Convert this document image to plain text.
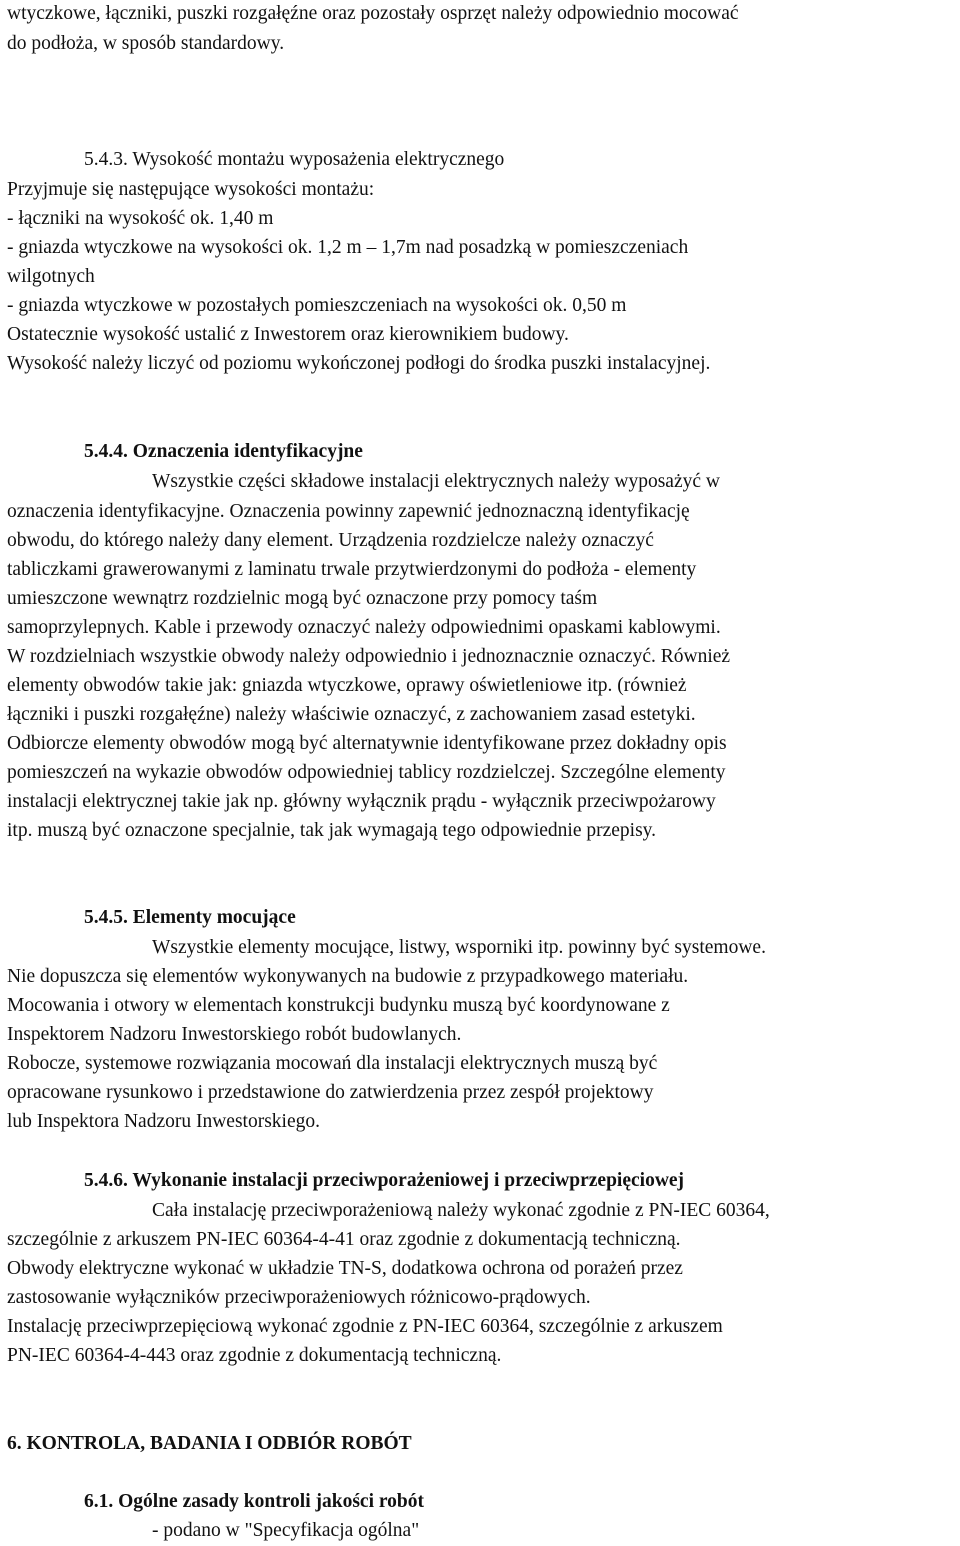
wtyczkowe, łączniki, puszki rozgałęźne oraz pozostały osprzęt należy odpowiednio mocować
do podłoża, w sposób standardowy.
5.4.3. Wysokość montażu wyposażenia elektrycznego
Przyjmuje się następujące wysokości montażu:
- łączniki na wysokość ok. 1,40 m
- gniazda wtyczkowe na wysokości ok. 1,2 m – 1,7m nad posadzką w pomieszczeniach
wilgotnych
- gniazda wtyczkowe w pozostałych pomieszczeniach na wysokości ok. 0,50 m
Ostatecznie wysokość ustalić z Inwestorem oraz kierownikiem budowy.
Wysokość należy liczyć od poziomu wykończonej podłogi do środka puszki instalacyjnej.
5.4.4. Oznaczenia identyfikacyjne
Wszystkie części składowe instalacji elektrycznych należy wyposażyć w
oznaczenia identyfikacyjne. Oznaczenia powinny zapewnić jednoznaczną identyfikację
obwodu, do którego należy dany element. Urządzenia rozdzielcze należy oznaczyć
tabliczkami grawerowanymi z laminatu trwale przytwierdzonymi do podłoża - elementy
umieszczone wewnątrz rozdzielnic mogą być oznaczone przy pomocy taśm
samoprzylepnych. Kable i przewody oznaczyć należy odpowiednimi opaskami kablowymi.
W rozdzielniach wszystkie obwody należy odpowiednio i jednoznacznie oznaczyć. Również
elementy obwodów takie jak: gniazda wtyczkowe, oprawy oświetleniowe itp. (również
łączniki i puszki rozgałęźne) należy właściwie oznaczyć, z zachowaniem zasad estetyki.
Odbiorcze elementy obwodów mogą być alternatywnie identyfikowane przez dokładny opis
pomieszczeń na wykazie obwodów odpowiedniej tablicy rozdzielczej. Szczególne elementy
instalacji elektrycznej takie jak np. główny wyłącznik prądu - wyłącznik przeciwpożarowy
itp. muszą być oznaczone specjalnie, tak jak wymagają tego odpowiednie przepisy.
5.4.5. Elementy mocujące
Wszystkie elementy mocujące, listwy, wsporniki itp. powinny być systemowe.
Nie dopuszcza się elementów wykonywanych na budowie z przypadkowego materiału.
Mocowania i otwory w elementach konstrukcji budynku muszą być koordynowane z
Inspektorem Nadzoru Inwestorskiego robót budowlanych.
Robocze, systemowe rozwiązania mocowań dla instalacji elektrycznych muszą być
opracowane rysunkowo i przedstawione do zatwierdzenia przez zespół projektowy
lub Inspektora Nadzoru Inwestorskiego.
5.4.6. Wykonanie instalacji przeciwporażeniowej i przeciwprzepięciowej
Cała instalację przeciwporażeniową należy wykonać zgodnie z PN-IEC 60364,
szczególnie z arkuszem PN-IEC 60364-4-41 oraz zgodnie z dokumentacją techniczną.
Obwody elektryczne wykonać w układzie TN-S, dodatkowa ochrona od porażeń przez
zastosowanie wyłączników przeciwporażeniowych różnicowo-prądowych.
Instalację przeciwprzepięciową wykonać zgodnie z PN-IEC 60364, szczególnie z arkuszem
PN-IEC 60364-4-443 oraz zgodnie z dokumentacją techniczną.
6. KONTROLA, BADANIA I ODBIÓR ROBÓT
6.1. Ogólne zasady kontroli jakości robót
- podano w "Specyfikacja ogólna"
